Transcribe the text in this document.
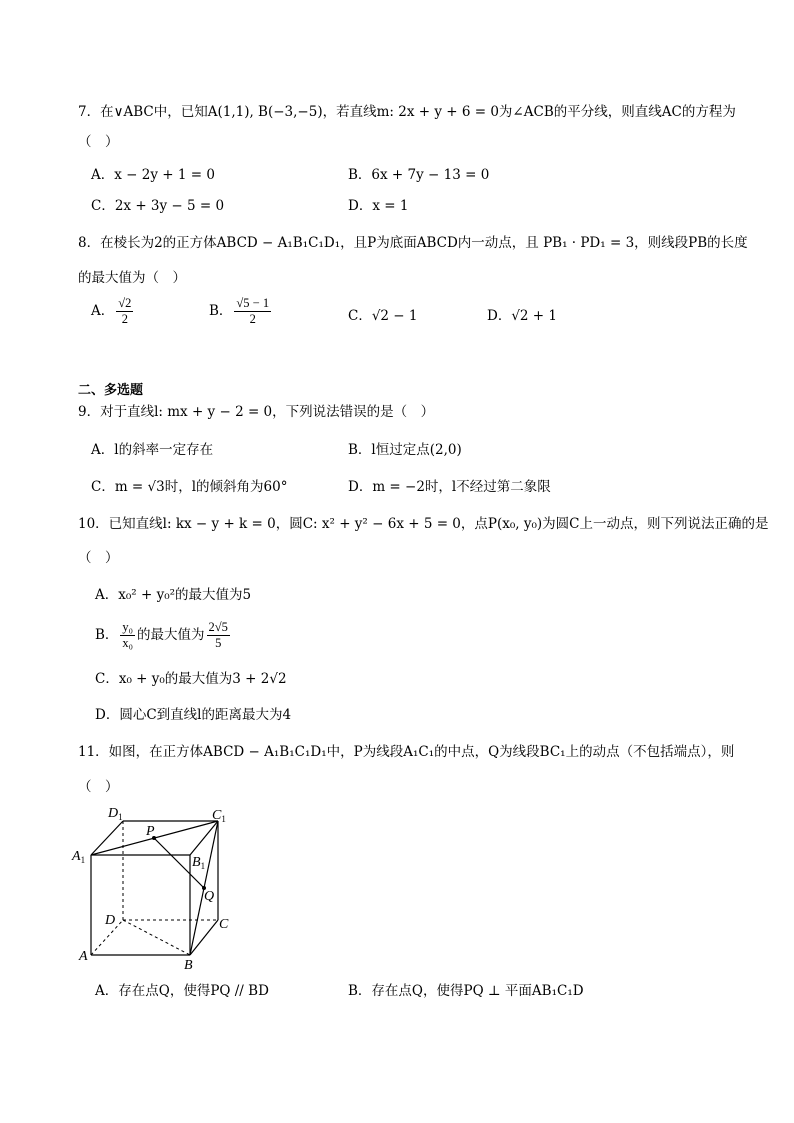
7．在∨ABC中，已知A(1,1), B(−3,−5)，若直线m: 2x + y + 6 = 0为∠ACB的平分线，则直线AC的方程为
（　）
A．x − 2y + 1 = 0	B．6x + 7y − 13 = 0
C．2x + 3y − 5 = 0	D．x = 1
8．在棱长为2的正方体ABCD − A₁B₁C₁D₁，且P为底面ABCD内一动点，且 PB₁ · PD₁ = 3，则线段PB的长度
的最大值为（　）
A． $\frac{√2}{2}$	B． $\frac{√5 - 1}{2}$	C．√2 − 1	D．√2 + 1
二、多选题
9．对于直线l: mx + y − 2 = 0，下列说法错误的是（　）
A．l的斜率一定存在	B．l恒过定点(2,0)
C．m = √3时，l的倾斜角为60°	D．m = −2时，l不经过第二象限
10．已知直线l: kx − y + k = 0，圆C: x² + y² − 6x + 5 = 0，点P(x₀, y₀)为圆C上一动点，则下列说法正确的是
（　）
A．x₀² + y₀²的最大值为5
B． $\frac{\text{y₀}}{\text{x₀}}$ 的最大值为 $\frac{2√5}{5}$
C．x₀ + y₀的最大值为3 + 2√2
D．圆心C到直线l的距离最大为4
11．如图，在正方体ABCD − A₁B₁C₁D₁中，P为线段A₁C₁的中点，Q为线段BC₁上的动点（不包括端点），则
（　）
$D_1$	$C_1$
$A_1$	$B_1$
P
Q
D	C
A
B
A．存在点Q，使得PQ // BD	B．存在点Q，使得PQ ⊥ 平面AB₁C₁D
